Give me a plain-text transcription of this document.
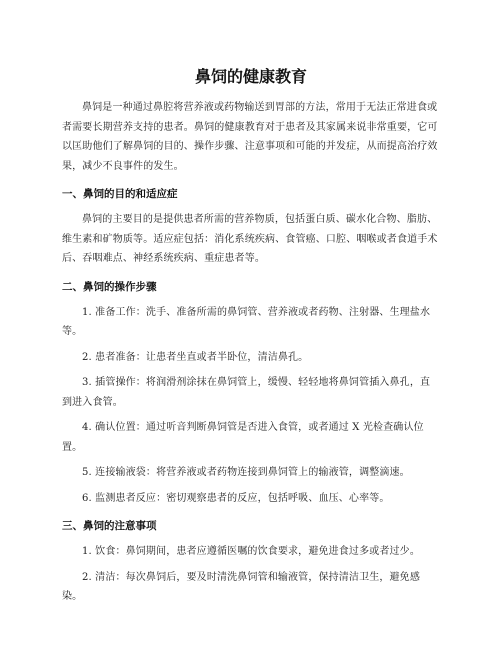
鼻饲的健康教育

鼻饲是一种通过鼻腔将营养液或药物输送到胃部的方法，常用于无法正常进食或者需要长期营养支持的患者。鼻饲的健康教育对于患者及其家属来说非常重要，它可以匡助他们了解鼻饲的目的、操作步骤、注意事项和可能的并发症，从而提高治疗效果，减少不良事件的发生。

一、鼻饲的目的和适应症

鼻饲的主要目的是提供患者所需的营养物质，包括蛋白质、碳水化合物、脂肪、维生素和矿物质等。适应症包括：消化系统疾病、食管癌、口腔、咽喉或者食道手术后、吞咽难点、神经系统疾病、重症患者等。

二、鼻饲的操作步骤

1. 准备工作：洗手、准备所需的鼻饲管、营养液或者药物、注射器、生理盐水等。

2. 患者准备：让患者坐直或者半卧位，清洁鼻孔。

3. 插管操作：将润滑剂涂抹在鼻饲管上，缓慢、轻轻地将鼻饲管插入鼻孔，直到进入食管。

4. 确认位置：通过听音判断鼻饲管是否进入食管，或者通过 X 光检查确认位置。

5. 连接输液袋：将营养液或者药物连接到鼻饲管上的输液管，调整滴速。

6. 监测患者反应：密切观察患者的反应，包括呼吸、血压、心率等。

三、鼻饲的注意事项

1. 饮食：鼻饲期间，患者应遵循医嘱的饮食要求，避免进食过多或者过少。

2. 清洁：每次鼻饲后，要及时清洗鼻饲管和输液管，保持清洁卫生，避免感染。
